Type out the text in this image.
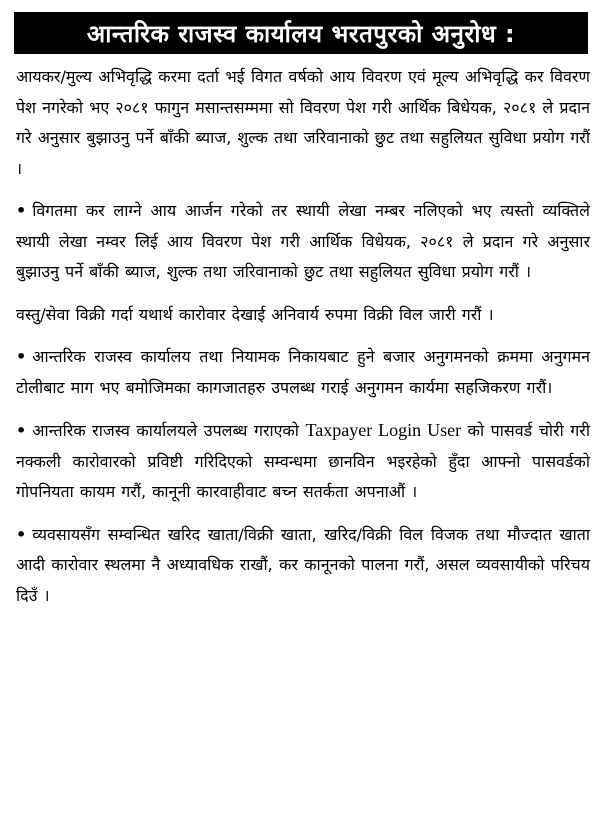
आन्तरिक राजस्व कार्यालय भरतपुरको अनुरोध :

आयकर/मुल्य अभिवृद्धि करमा दर्ता भई विगत वर्षको आय विवरण एवं मूल्य अभिवृद्धि कर विवरण पेश नगरेको भए २०८१ फागुन मसान्तसम्ममा सो विवरण पेश गरी आर्थिक बिधेयक, २०८१ ले प्रदान गरे अनुसार बुझाउनु पर्ने बाँकी ब्याज, शुल्क तथा जरिवानाको छुट तथा सहुलियत सुविधा प्रयोग गरौं ।

• विगतमा कर लाग्ने आय आर्जन गरेको तर स्थायी लेखा नम्बर नलिएको भए त्यस्तो व्यक्तिले स्थायी लेखा नम्वर लिई आय विवरण पेश गरी आर्थिक विधेयक, २०८१ ले प्रदान गरे अनुसार बुझाउनु पर्ने बाँकी ब्याज, शुल्क तथा जरिवानाको छुट तथा सहुलियत सुविधा प्रयोग गरौं ।

वस्तु/सेवा विक्री गर्दा यथार्थ कारोवार देखाई अनिवार्य रुपमा विक्री विल जारी गरौं ।

• आन्तरिक राजस्व कार्यालय तथा नियामक निकायबाट हुने बजार अनुगमनको क्रममा अनुगमन टोलीबाट माग भए बमोजिमका कागजातहरु उपलब्ध गराई अनुगमन कार्यमा सहजिकरण गरौं।

• आन्तरिक राजस्व कार्यालयले उपलब्ध गराएको Taxpayer Login User को पासवर्ड चोरी गरी नक्कली कारोवारको प्रविष्टी गरिदिएको सम्वन्धमा छानविन भइरहेको हुँदा आफ्नो पासवर्डको गोपनियता कायम गरौं, कानूनी कारवाहीवाट बच्न सतर्कता अपनाऔं ।

• व्यवसायसँग सम्वन्धित खरिद खाता/विक्री खाता, खरिद/विक्री विल विजक तथा मौज्दात खाता आदी कारोवार स्थलमा नै अध्यावधिक राखौं, कर कानूनको पालना गरौं, असल व्यवसायीको परिचय दिउँ ।
